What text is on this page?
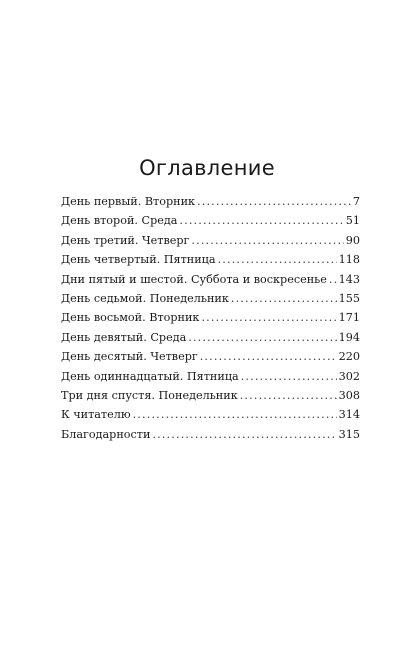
Оглавление
День первый. Вторник . . .	7
День второй. Среда . . .	51
День третий. Четверг . . .	90
День четвертый. Пятница . . .	118
Дни пятый и шестой. Суббота и воскресенье . . . 143
День седьмой. Понедельник . . .	155
День восьмой. Вторник . . .	171
День девятый. Среда . . .	194
День десятый. Четверг . . .	220
День одиннадцатый. Пятница . . .	302
Три дня спустя. Понедельник . . .	308
К читателю . . .	314
Благодарности . . .	315
